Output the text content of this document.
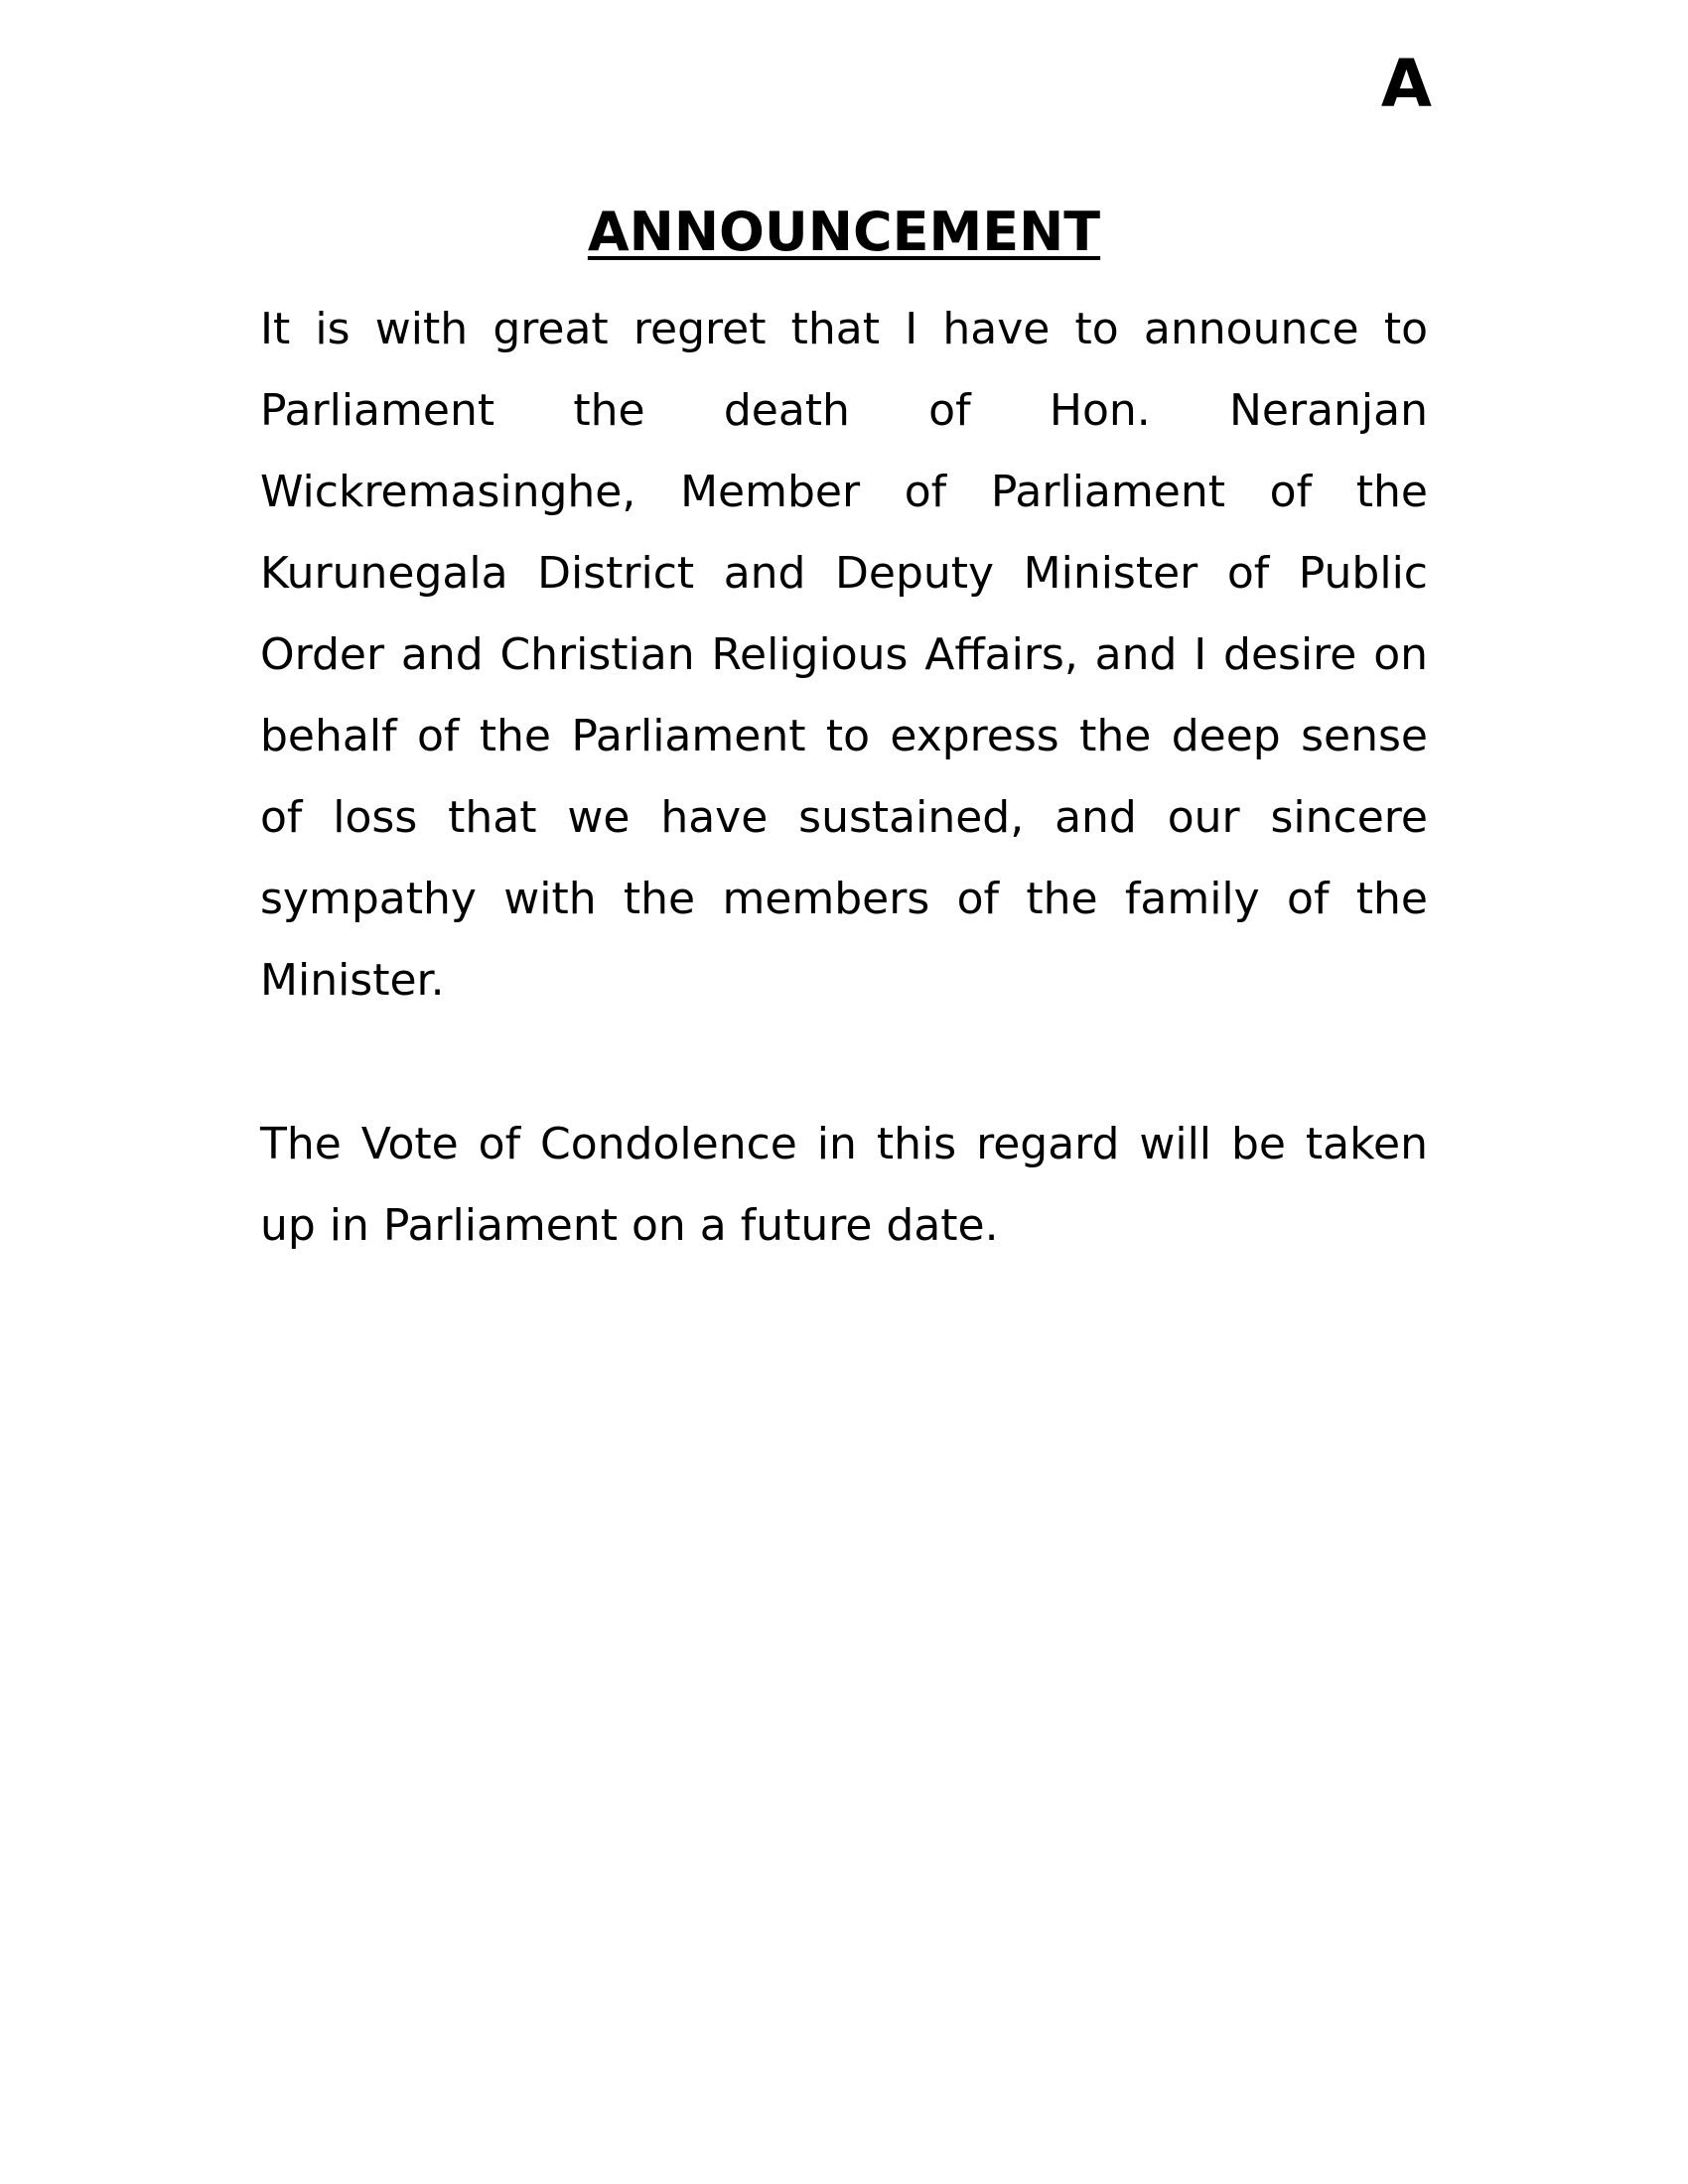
A
ANNOUNCEMENT

It is with great regret that I have to announce to Parliament the death of Hon. Neranjan Wickremasinghe, Member of Parliament of the Kurunegala District and Deputy Minister of Public Order and Christian Religious Affairs, and I desire on behalf of the Parliament to express the deep sense of loss that we have sustained, and our sincere sympathy with the members of the family of the Minister.

The Vote of Condolence in this regard will be taken up in Parliament on a future date.
